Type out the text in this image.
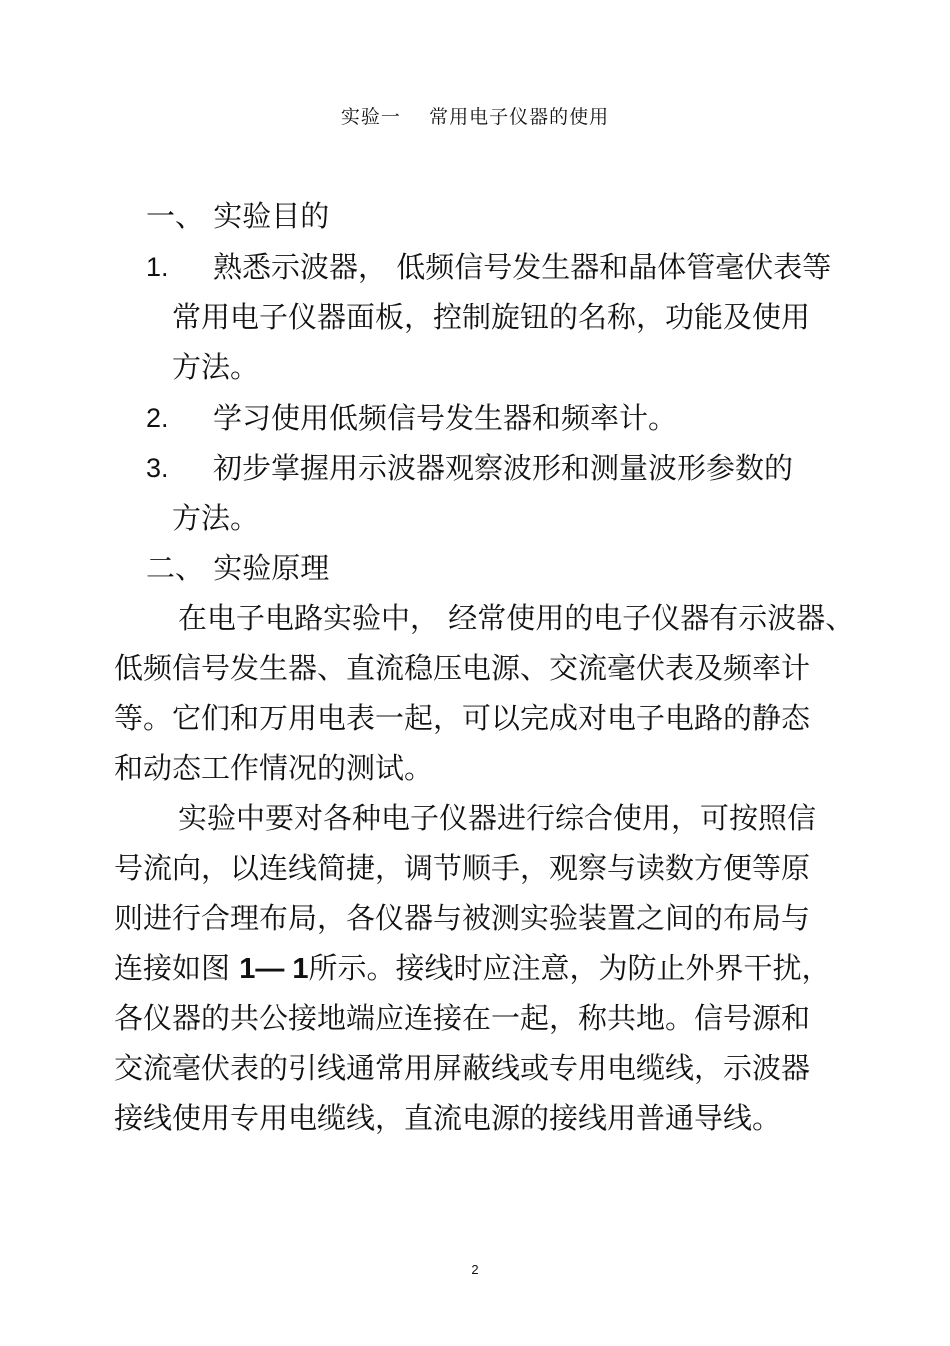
实验一    常用电子仪器的使用
一、 实验目的
1. 熟悉示波器， 低频信号发生器和晶体管毫伏表等
常用电子仪器面板，控制旋钮的名称，功能及使用
方法。
2. 学习使用低频信号发生器和频率计。
3. 初步掌握用示波器观察波形和测量波形参数的
方法。
二、 实验原理
在电子电路实验中， 经常使用的电子仪器有示波器、
低频信号发生器、直流稳压电源、交流毫伏表及频率计
等。它们和万用电表一起，可以完成对电子电路的静态
和动态工作情况的测试。
实验中要对各种电子仪器进行综合使用，可按照信
号流向，以连线简捷，调节顺手，观察与读数方便等原
则进行合理布局，各仪器与被测实验装置之间的布局与
连接如图 1— 1所示。接线时应注意，为防止外界干扰，
各仪器的共公接地端应连接在一起，称共地。信号源和
交流毫伏表的引线通常用屏蔽线或专用电缆线，示波器
接线使用专用电缆线，直流电源的接线用普通导线。
2
